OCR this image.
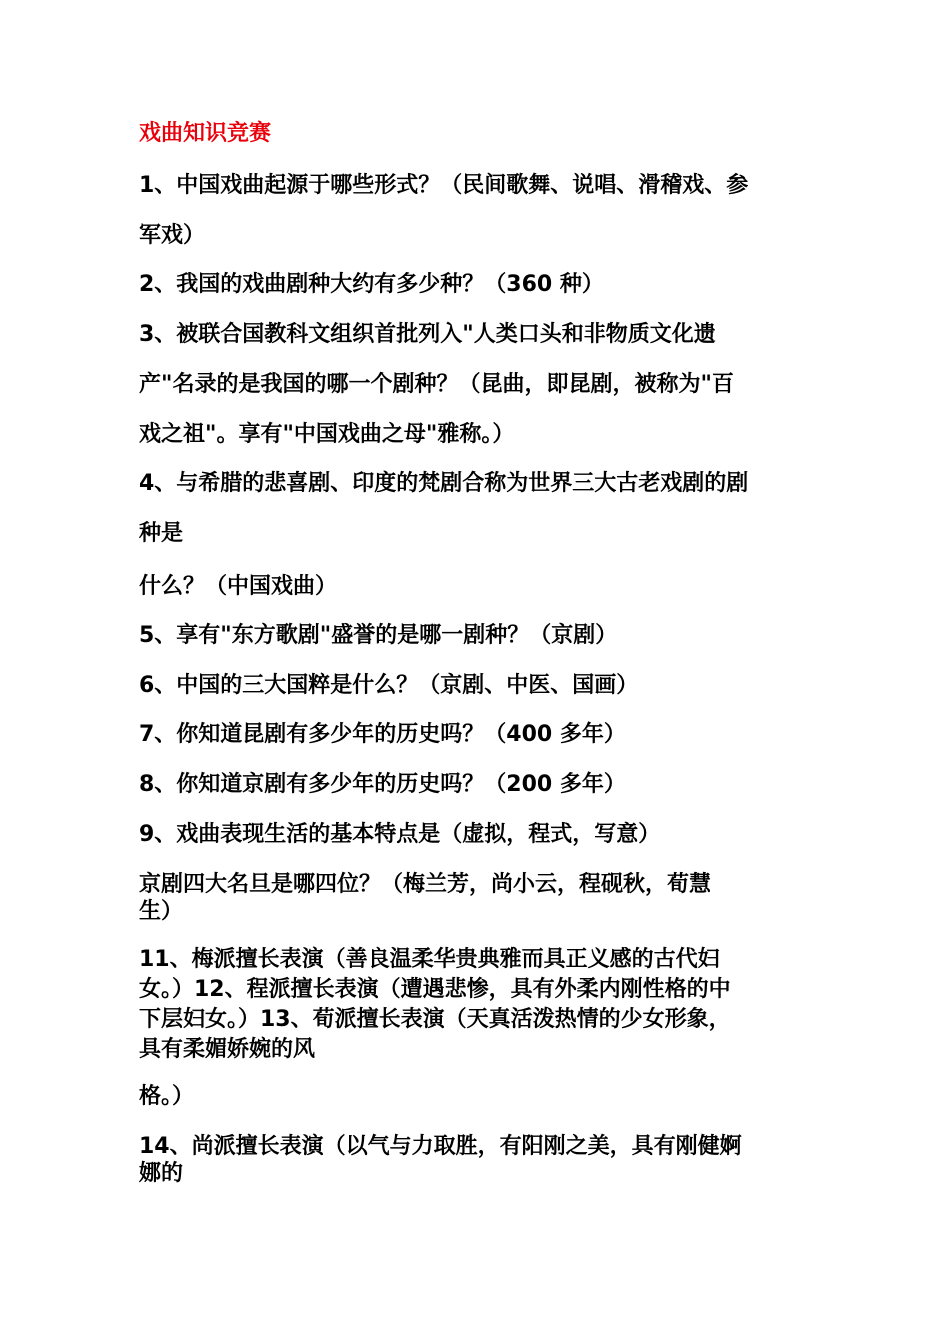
戏曲知识竞赛

1、中国戏曲起源于哪些形式？（民间歌舞、说唱、滑稽戏、参

军戏）

2、我国的戏曲剧种大约有多少种？（360 种）

3、被联合国教科文组织首批列入"人类口头和非物质文化遗

产"名录的是我国的哪一个剧种？（昆曲，即昆剧，被称为"百

戏之祖"。享有"中国戏曲之母"雅称。）

4、与希腊的悲喜剧、印度的梵剧合称为世界三大古老戏剧的剧

种是

什么？（中国戏曲）

5、享有"东方歌剧"盛誉的是哪一剧种？（京剧）

6、中国的三大国粹是什么？（京剧、中医、国画）

7、你知道昆剧有多少年的历史吗？（400 多年）

8、你知道京剧有多少年的历史吗？（200 多年）

9、戏曲表现生活的基本特点是（虚拟，程式，写意）

京剧四大名旦是哪四位？（梅兰芳，尚小云，程砚秋，荀慧

生）

11、梅派擅长表演（善良温柔华贵典雅而具正义感的古代妇

女。）12、程派擅长表演（遭遇悲惨，具有外柔内刚性格的中

下层妇女。）13、荀派擅长表演（天真活泼热情的少女形象，

具有柔媚娇婉的风

格。）

14、尚派擅长表演（以气与力取胜，有阳刚之美，具有刚健婀

娜的
